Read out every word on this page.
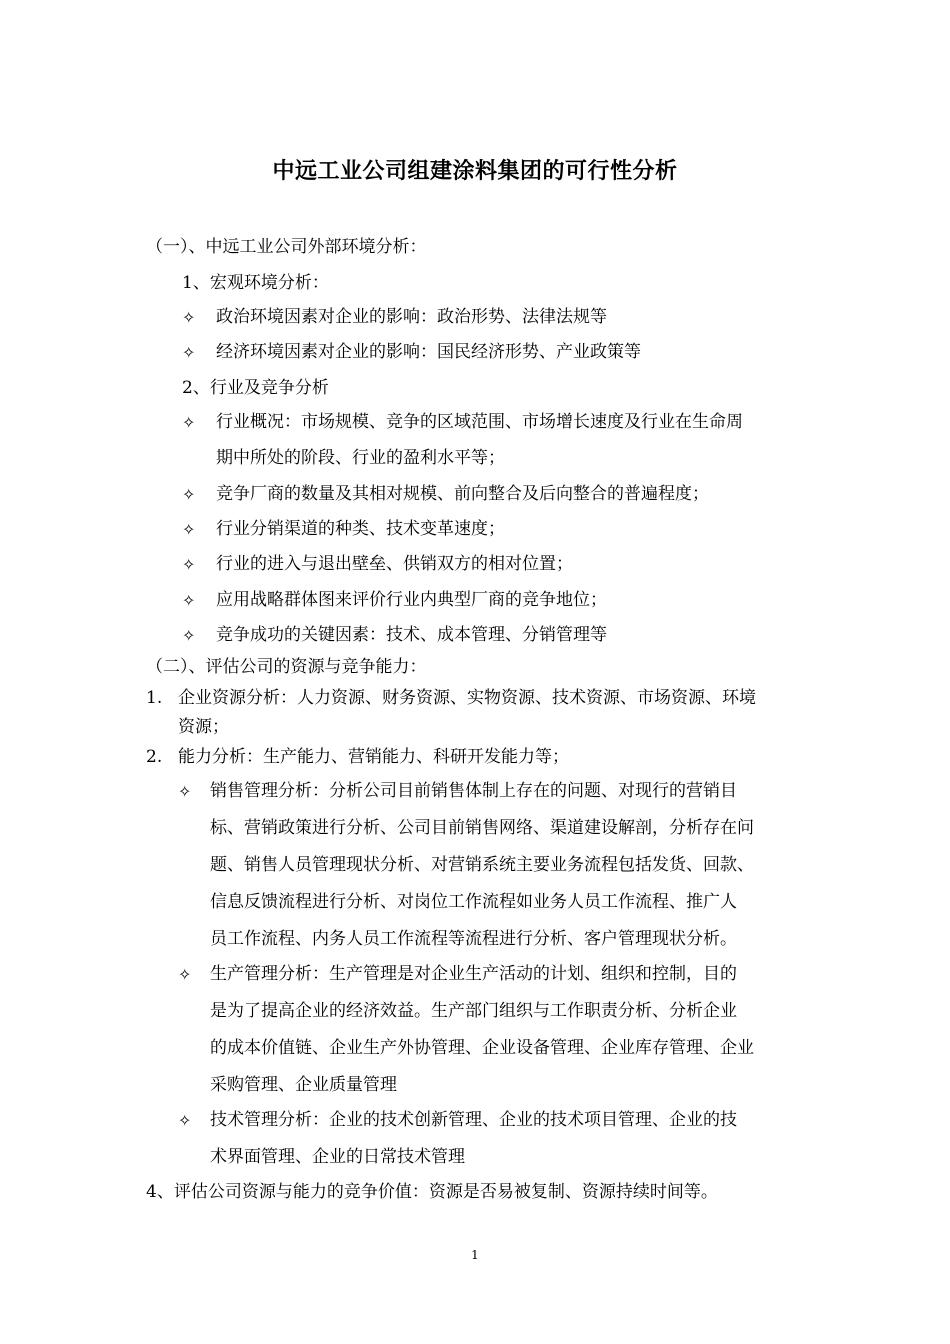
中远工业公司组建涂料集团的可行性分析
（一）、中远工业公司外部环境分析：
1、宏观环境分析：
✧ 政治环境因素对企业的影响：政治形势、法律法规等
✧ 经济环境因素对企业的影响：国民经济形势、产业政策等
2、行业及竞争分析
✧ 行业概况：市场规模、竞争的区域范围、市场增长速度及行业在生命周
期中所处的阶段、行业的盈利水平等；
✧ 竞争厂商的数量及其相对规模、前向整合及后向整合的普遍程度；
✧ 行业分销渠道的种类、技术变革速度；
✧ 行业的进入与退出壁垒、供销双方的相对位置；
✧ 应用战略群体图来评价行业内典型厂商的竞争地位；
✧ 竞争成功的关键因素：技术、成本管理、分销管理等
（二）、评估公司的资源与竞争能力：
1. 企业资源分析：人力资源、财务资源、实物资源、技术资源、市场资源、环境
资源；
2. 能力分析：生产能力、营销能力、科研开发能力等；
✧ 销售管理分析：分析公司目前销售体制上存在的问题、对现行的营销目
标、营销政策进行分析、公司目前销售网络、渠道建设解剖，分析存在问
题、销售人员管理现状分析、对营销系统主要业务流程包括发货、回款、
信息反馈流程进行分析、对岗位工作流程如业务人员工作流程、推广人
员工作流程、内务人员工作流程等流程进行分析、客户管理现状分析。
✧ 生产管理分析：生产管理是对企业生产活动的计划、组织和控制，目的
是为了提高企业的经济效益。生产部门组织与工作职责分析、分析企业
的成本价值链、企业生产外协管理、企业设备管理、企业库存管理、企业
采购管理、企业质量管理
✧ 技术管理分析：企业的技术创新管理、企业的技术项目管理、企业的技
术界面管理、企业的日常技术管理
4、评估公司资源与能力的竞争价值：资源是否易被复制、资源持续时间等。
1
